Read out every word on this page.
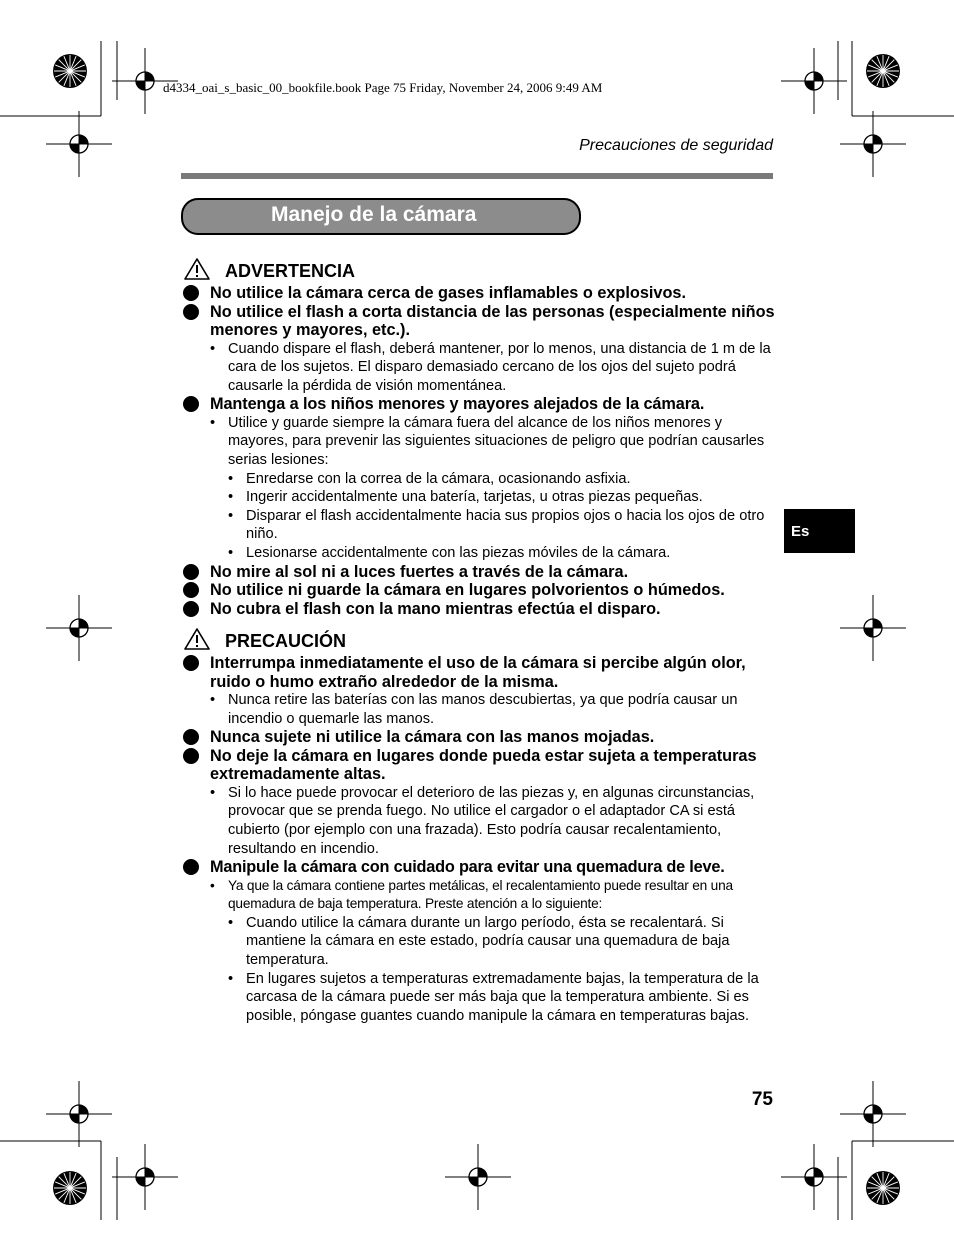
d4334_oai_s_basic_00_bookfile.book Page 75 Friday, November 24, 2006 9:49 AM
Precauciones de seguridad
Manejo de la cámara
ADVERTENCIA
No utilice la cámara cerca de gases inflamables o explosivos.
No utilice el flash a corta distancia de las personas (especialmente niños menores y mayores, etc.).
• Cuando dispare el flash, deberá mantener, por lo menos, una distancia de 1 m de la cara de los sujetos. El disparo demasiado cercano de los ojos del sujeto podrá causarle la pérdida de visión momentánea.
Mantenga a los niños menores y mayores alejados de la cámara.
• Utilice y guarde siempre la cámara fuera del alcance de los niños menores y mayores, para prevenir las siguientes situaciones de peligro que podrían causarles serias lesiones:
• Enredarse con la correa de la cámara, ocasionando asfixia.
• Ingerir accidentalmente una batería, tarjetas, u otras piezas pequeñas.
• Disparar el flash accidentalmente hacia sus propios ojos o hacia los ojos de otro niño.
• Lesionarse accidentalmente con las piezas móviles de la cámara.
No mire al sol ni a luces fuertes a través de la cámara.
No utilice ni guarde la cámara en lugares polvorientos o húmedos.
No cubra el flash con la mano mientras efectúa el disparo.
PRECAUCIÓN
Interrumpa inmediatamente el uso de la cámara si percibe algún olor, ruido o humo extraño alrededor de la misma.
• Nunca retire las baterías con las manos descubiertas, ya que podría causar un incendio o quemarle las manos.
Nunca sujete ni utilice la cámara con las manos mojadas.
No deje la cámara en lugares donde pueda estar sujeta a temperaturas extremadamente altas.
• Si lo hace puede provocar el deterioro de las piezas y, en algunas circunstancias, provocar que se prenda fuego. No utilice el cargador o el adaptador CA si está cubierto (por ejemplo con una frazada). Esto podría causar recalentamiento, resultando en incendio.
Manipule la cámara con cuidado para evitar una quemadura de leve.
• Ya que la cámara contiene partes metálicas, el recalentamiento puede resultar en una quemadura de baja temperatura. Preste atención a lo siguiente:
• Cuando utilice la cámara durante un largo período, ésta se recalentará. Si mantiene la cámara en este estado, podría causar una quemadura de baja temperatura.
• En lugares sujetos a temperaturas extremadamente bajas, la temperatura de la carcasa de la cámara puede ser más baja que la temperatura ambiente. Si es posible, póngase guantes cuando manipule la cámara en temperaturas bajas.
Es
75
